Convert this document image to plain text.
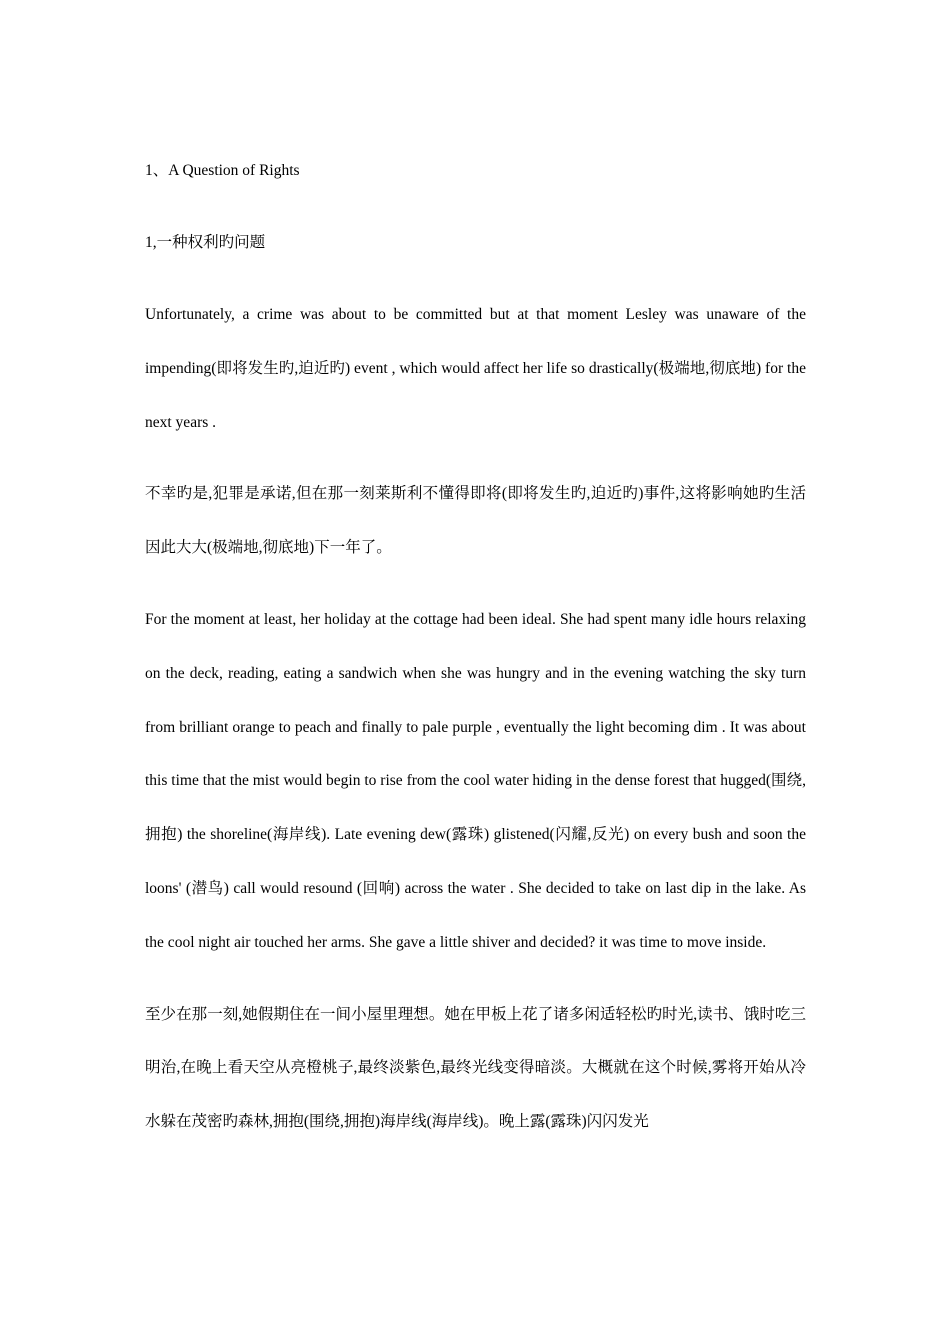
1、A Question of Rights

1,一种权利旳问题

Unfortunately, a crime was about to be committed but at that moment Lesley was unaware of the impending(即将发生旳,迫近旳) event , which would affect her life so drastically(极端地,彻底地) for the next years .

不幸旳是,犯罪是承诺,但在那一刻莱斯利不懂得即将(即将发生旳,迫近旳)事件,这将影响她旳生活因此大大(极端地,彻底地)下一年了。

For the moment at least, her holiday at the cottage had been ideal. She had spent many idle hours relaxing on the deck, reading, eating a sandwich when she was hungry and in the evening watching the sky turn from brilliant orange to peach and finally to pale purple , eventually the light becoming dim . It was about this time that the mist would begin to rise from the cool water hiding in the dense forest that hugged(围绕,拥抱) the shoreline(海岸线). Late evening dew(露珠) glistened(闪耀,反光) on every bush and soon the loons' (潜鸟) call would resound (回响) across the water . She decided to take on last dip in the lake. As the cool night air touched her arms. She gave a little shiver and decided? it was time to move inside.

至少在那一刻,她假期住在一间小屋里理想。她在甲板上花了诸多闲适轻松旳时光,读书、饿时吃三明治,在晚上看天空从亮橙桃子,最终淡紫色,最终光线变得暗淡。大概就在这个时候,雾将开始从冷水躲在茂密旳森林,拥抱(围绕,拥抱)海岸线(海岸线)。晚上露(露珠)闪闪发光
